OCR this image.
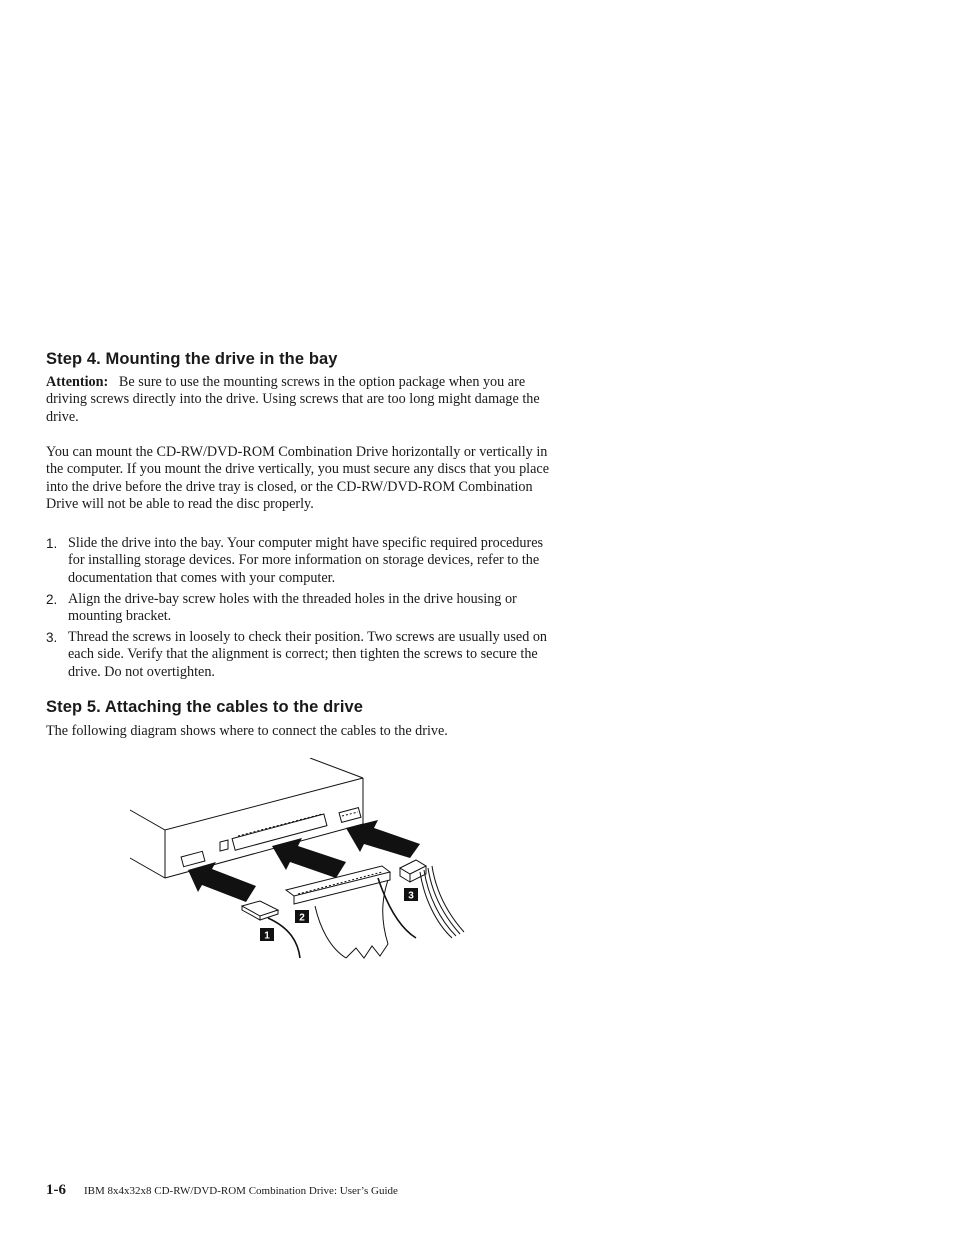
Step 4. Mounting the drive in the bay

Attention: Be sure to use the mounting screws in the option package when you are driving screws directly into the drive. Using screws that are too long might damage the drive.

You can mount the CD-RW/DVD-ROM Combination Drive horizontally or vertically in the computer. If you mount the drive vertically, you must secure any discs that you place into the drive before the drive tray is closed, or the CD-RW/DVD-ROM Combination Drive will not be able to read the disc properly.

1. Slide the drive into the bay. Your computer might have specific required procedures for installing storage devices. For more information on storage devices, refer to the documentation that comes with your computer.
2. Align the drive-bay screw holes with the threaded holes in the drive housing or mounting bracket.
3. Thread the screws in loosely to check their position. Two screws are usually used on each side. Verify that the alignment is correct; then tighten the screws to secure the drive. Do not overtighten.
Step 5. Attaching the cables to the drive

The following diagram shows where to connect the cables to the drive.

1
2
3
1-6 IBM 8x4x32x8 CD-RW/DVD-ROM Combination Drive: User’s Guide
